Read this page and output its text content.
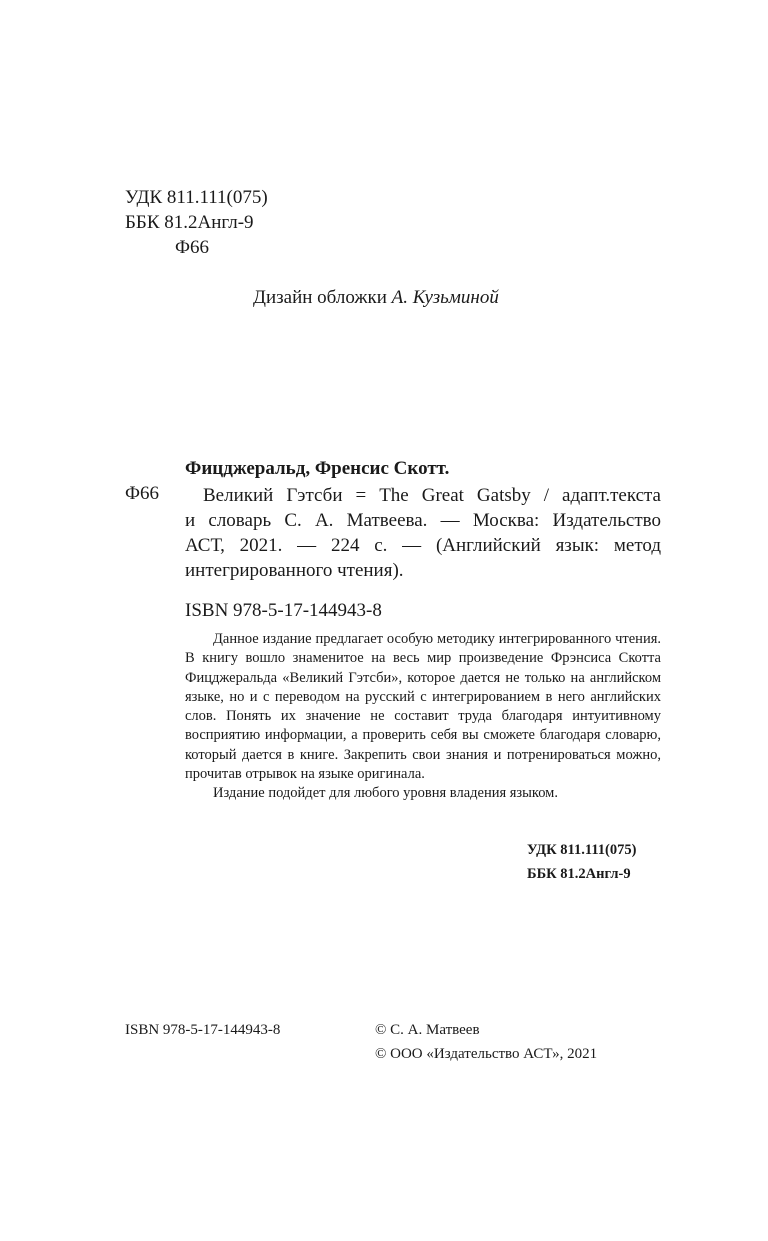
УДК 811.111(075)
ББК 81.2Англ-9
Ф66
Дизайн обложки А. Кузьминой
Фицджеральд, Френсис Скотт.
Ф66	Великий Гэтсби = The Great Gatsby / адапт.текста
и словарь С. А. Матвеева. — Москва: Издательство
АСТ, 2021. — 224 с. — (Английский язык: метод
интегрированного чтения).
ISBN 978-5-17-144943-8

Данное издание предлагает особую методику интегрированного чтения. В книгу вошло знаменитое на весь мир произведение Фрэнсиса Скотта Фицджеральда «Великий Гэтсби», которое дается не только на английском языке, но и с переводом на русский с интегрированием в него английских слов. Понять их значение не составит труда благодаря интуитивному восприятию информации, а проверить себя вы сможете благодаря словарю, который дается в книге. Закрепить свои знания и потренироваться можно, прочитав отрывок на языке оригинала.

Издание подойдет для любого уровня владения языком.

УДК 811.111(075)
ББК 81.2Англ-9
ISBN 978-5-17-144943-8	© С. А. Матвеев
© ООО «Издательство АСТ», 2021
